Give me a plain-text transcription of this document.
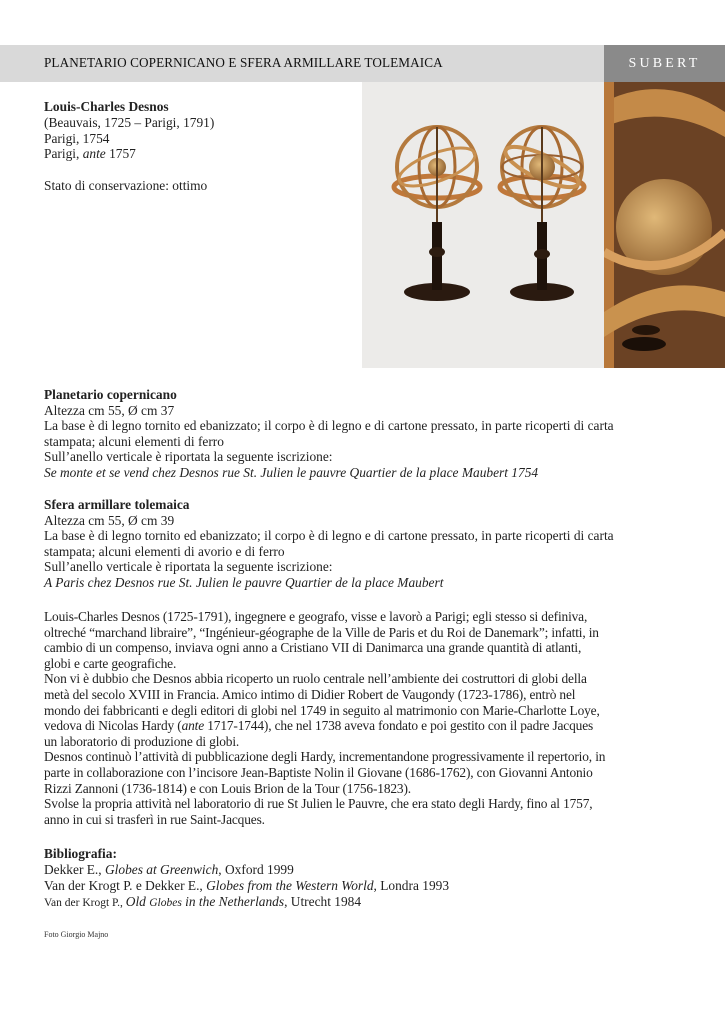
PLANETARIO COPERNICANO E SFERA ARMILLARE TOLEMAICA	SUBERT
Louis-Charles Desnos
(Beauvais, 1725 – Parigi, 1791)
Parigi, 1754
Parigi, ante 1757
Stato di conservazione: ottimo
Planetario copernicano
Altezza cm 55, Ø cm 37
La base è di legno tornito ed ebanizzato; il corpo è di legno e di cartone pressato, in parte ricoperti di carta stampata; alcuni elementi di ferro
Sull’anello verticale è riportata la seguente iscrizione:
Se monte et se vend chez Desnos rue St. Julien le pauvre Quartier de la place Maubert 1754
Sfera armillare tolemaica
Altezza cm 55, Ø cm 39
La base è di legno tornito ed ebanizzato; il corpo è di legno e di cartone pressato, in parte ricoperti di carta stampata; alcuni elementi di avorio e di ferro
Sull’anello verticale è riportata la seguente iscrizione:
A Paris chez Desnos rue St. Julien le pauvre Quartier de la place Maubert
Louis-Charles Desnos (1725-1791), ingegnere e geografo, visse e lavorò a Parigi; egli stesso si definiva, oltreché “marchand libraire”, “Ingénieur-géographe de la Ville de Paris et du Roi de Danemark”; infatti, in cambio di un compenso, inviava ogni anno a Cristiano VII di Danimarca una grande quantità di atlanti, globi e carte geografiche.
Non vi è dubbio che Desnos abbia ricoperto un ruolo centrale nell’ambiente dei costruttori di globi della metà del secolo XVIII in Francia. Amico intimo di Didier Robert de Vaugondy (1723-1786), entrò nel mondo dei fabbricanti e degli editori di globi nel 1749 in seguito al matrimonio con Marie-Charlotte Loye, vedova di Nicolas Hardy (ante 1717-1744), che nel 1738 aveva fondato e poi gestito con il padre Jacques un laboratorio di produzione di globi.
Desnos continuò l’attività di pubblicazione degli Hardy, incrementandone progressivamente il repertorio, in parte in collaborazione con l’incisore Jean-Baptiste Nolin il Giovane (1686-1762), con Giovanni Antonio Rizzi Zannoni (1736-1814) e con Louis Brion de la Tour (1756-1823).
Svolse la propria attività nel laboratorio di rue St Julien le Pauvre, che era stato degli Hardy, fino al 1757, anno in cui si trasferì in rue Saint-Jacques.
Bibliografia:
Dekker E., Globes at Greenwich, Oxford 1999
Van der Krogt P. e Dekker E., Globes from the Western World, Londra 1993
Van der Krogt P., Old Globes in the Netherlands, Utrecht 1984
Foto Giorgio Majno
